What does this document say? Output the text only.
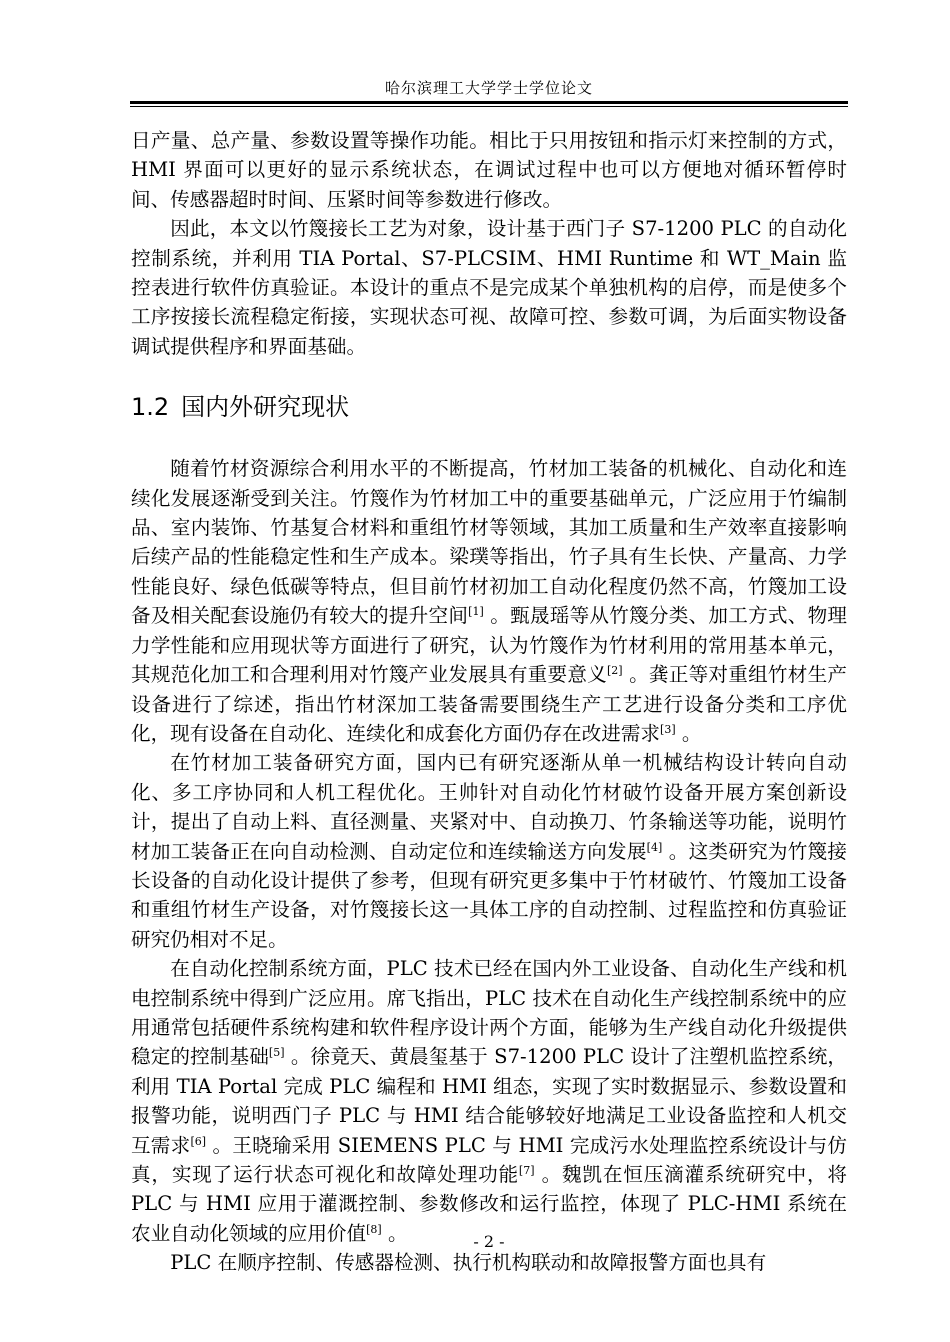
哈尔滨理工大学学士学位论文

日产量、总产量、参数设置等操作功能。相比于只用按钮和指示灯来控制的方式，HMI 界面可以更好的显示系统状态，在调试过程中也可以方便地对循环暂停时间、传感器超时时间、压紧时间等参数进行修改。

因此，本文以竹篾接长工艺为对象，设计基于西门子 S7-1200 PLC 的自动化控制系统，并利用 TIA Portal、S7-PLCSIM、HMI Runtime 和 WT_Main 监控表进行软件仿真验证。本设计的重点不是完成某个单独机构的启停，而是使多个工序按接长流程稳定衔接，实现状态可视、故障可控、参数可调，为后面实物设备调试提供程序和界面基础。

1.2 国内外研究现状

随着竹材资源综合利用水平的不断提高，竹材加工装备的机械化、自动化和连续化发展逐渐受到关注。竹篾作为竹材加工中的重要基础单元，广泛应用于竹编制品、室内装饰、竹基复合材料和重组竹材等领域，其加工质量和生产效率直接影响后续产品的性能稳定性和生产成本。梁璞等指出，竹子具有生长快、产量高、力学性能良好、绿色低碳等特点，但目前竹材初加工自动化程度仍然不高，竹篾加工设备及相关配套设施仍有较大的提升空间[1] 。甄晟瑶等从竹篾分类、加工方式、物理力学性能和应用现状等方面进行了研究，认为竹篾作为竹材利用的常用基本单元，其规范化加工和合理利用对竹篾产业发展具有重要意义[2] 。龚正等对重组竹材生产设备进行了综述，指出竹材深加工装备需要围绕生产工艺进行设备分类和工序优化，现有设备在自动化、连续化和成套化方面仍存在改进需求[3] 。

在竹材加工装备研究方面，国内已有研究逐渐从单一机械结构设计转向自动化、多工序协同和人机工程优化。王帅针对自动化竹材破竹设备开展方案创新设计，提出了自动上料、直径测量、夹紧对中、自动换刀、竹条输送等功能，说明竹材加工装备正在向自动检测、自动定位和连续输送方向发展[4] 。这类研究为竹篾接长设备的自动化设计提供了参考，但现有研究更多集中于竹材破竹、竹篾加工设备和重组竹材生产设备，对竹篾接长这一具体工序的自动控制、过程监控和仿真验证研究仍相对不足。

在自动化控制系统方面，PLC 技术已经在国内外工业设备、自动化生产线和机电控制系统中得到广泛应用。席飞指出，PLC 技术在自动化生产线控制系统中的应用通常包括硬件系统构建和软件程序设计两个方面，能够为生产线自动化升级提供稳定的控制基础[5] 。徐竟天、黄晨玺基于 S7-1200 PLC 设计了注塑机监控系统，利用 TIA Portal 完成 PLC 编程和 HMI 组态，实现了实时数据显示、参数设置和报警功能，说明西门子 PLC 与 HMI 结合能够较好地满足工业设备监控和人机交互需求[6] 。王晓瑜采用 SIEMENS PLC 与 HMI 完成污水处理监控系统设计与仿真，实现了运行状态可视化和故障处理功能[7] 。魏凯在恒压滴灌系统研究中，将 PLC 与 HMI 应用于灌溉控制、参数修改和运行监控，体现了 PLC-HMI 系统在农业自动化领域的应用价值[8] 。

PLC 在顺序控制、传感器检测、执行机构联动和故障报警方面也具有

- 2 -
